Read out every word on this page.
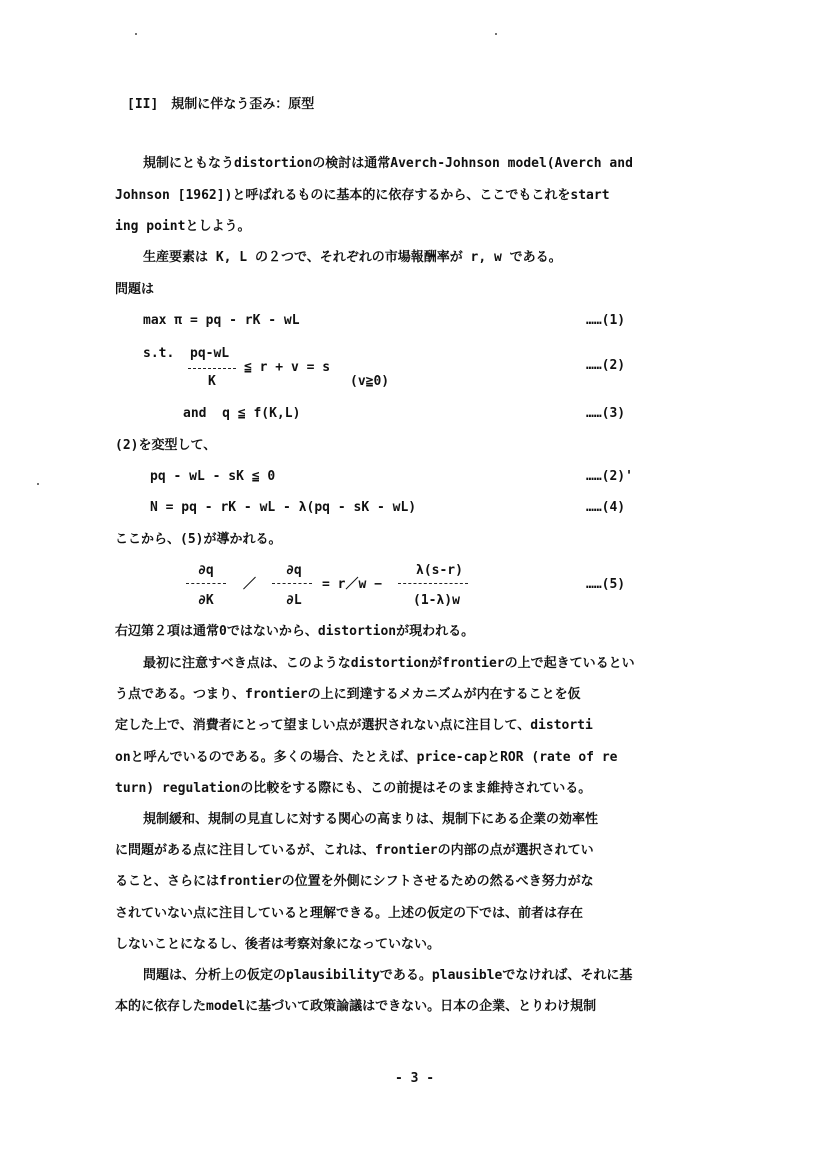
[II]　規制に伴なう歪み：原型
規制にともなうdistortionの検討は通常Averch-Johnson model(Averch and
Johnson [1962])と呼ばれるものに基本的に依存するから、ここでもこれをstart
ing pointとしよう。
生産要素は K, L の２つで、それぞれの市場報酬率が r, w である。
問題は
max π = pq - rK - wL	……(1)
s.t. pq-wL
K
≦ r + v = s
(v≧0)
……(2)
and  q ≦ f(K,L)	……(3)
(2)を変型して、
pq - wL - sK ≦ 0	……(2)'
N = pq - rK - wL - λ(pq - sK - wL)	……(4)
ここから、(5)が導かれる。
∂q
∂K
／
∂q
∂L
= r／w −
λ(s-r)
(1-λ)w
……(5)
右辺第２項は通常0ではないから、distortionが現われる。
最初に注意すべき点は、このようなdistortionがfrontierの上で起きているとい
う点である。つまり、frontierの上に到達するメカニズムが内在することを仮
定した上で、消費者にとって望ましい点が選択されない点に注目して、distorti
onと呼んでいるのである。多くの場合、たとえば、price-capとROR (rate of re
turn) regulationの比較をする際にも、この前提はそのまま維持されている。
規制緩和、規制の見直しに対する関心の高まりは、規制下にある企業の効率性
に問題がある点に注目しているが、これは、frontierの内部の点が選択されてい
ること、さらにはfrontierの位置を外側にシフトさせるための然るべき努力がな
されていない点に注目していると理解できる。上述の仮定の下では、前者は存在
しないことになるし、後者は考察対象になっていない。
問題は、分析上の仮定のplausibilityである。plausibleでなければ、それに基
本的に依存したmodelに基づいて政策論議はできない。日本の企業、とりわけ規制
- 3 -
